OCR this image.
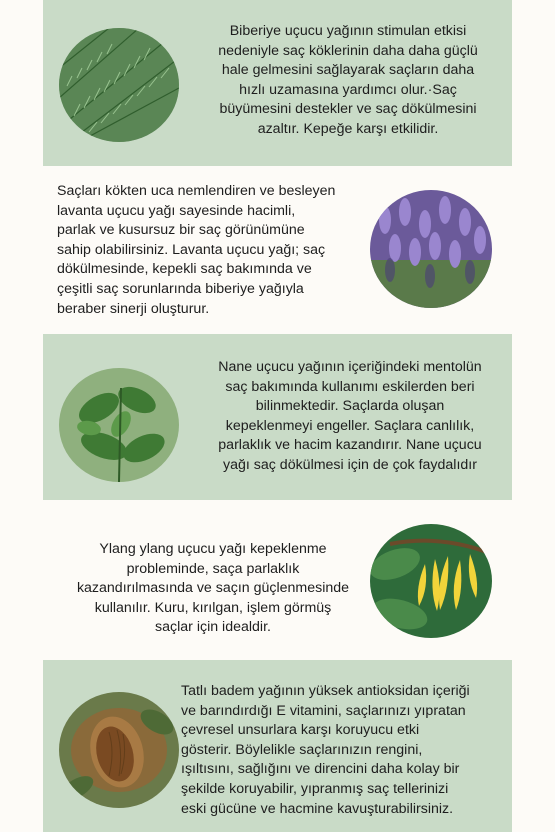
Biberiye uçucu yağının stimulan etkisi
nedeniyle saç köklerinin daha daha güçlü
hale gelmesini sağlayarak saçların daha
hızlı uzamasına yardımcı olur.·Saç
büyümesini destekler ve saç dökülmesini
azaltır. Kepeğe karşı etkilidir.

Saçları kökten uca nemlendiren ve besleyen
lavanta uçucu yağı sayesinde hacimli,
parlak ve kusursuz bir saç görünümüne
sahip olabilirsiniz. Lavanta uçucu yağı; saç
dökülmesinde, kepekli saç bakımında ve
çeşitli saç sorunlarında biberiye yağıyla
beraber sinerji oluşturur.

Nane uçucu yağının içeriğindeki mentolün
saç bakımında kullanımı eskilerden beri
bilinmektedir. Saçlarda oluşan
kepeklenmeyi engeller. Saçlara canlılık,
parlaklık ve hacim kazandırır. Nane uçucu
yağı saç dökülmesi için de çok faydalıdır

Ylang ylang uçucu yağı kepeklenme
probleminde, saça parlaklık
kazandırılmasında ve saçın güçlenmesinde
kullanılır. Kuru, kırılgan, işlem görmüş
saçlar için idealdir.

Tatlı badem yağının yüksek antioksidan içeriği
ve barındırdığı E vitamini, saçlarınızı yıpratan
çevresel unsurlara karşı koruyucu etki
gösterir. Böylelikle saçlarınızın rengini,
ışıltısını, sağlığını ve direncini daha kolay bir
şekilde koruyabilir, yıpranmış saç tellerinizi
eski gücüne ve hacmine kavuşturabilirsiniz.
